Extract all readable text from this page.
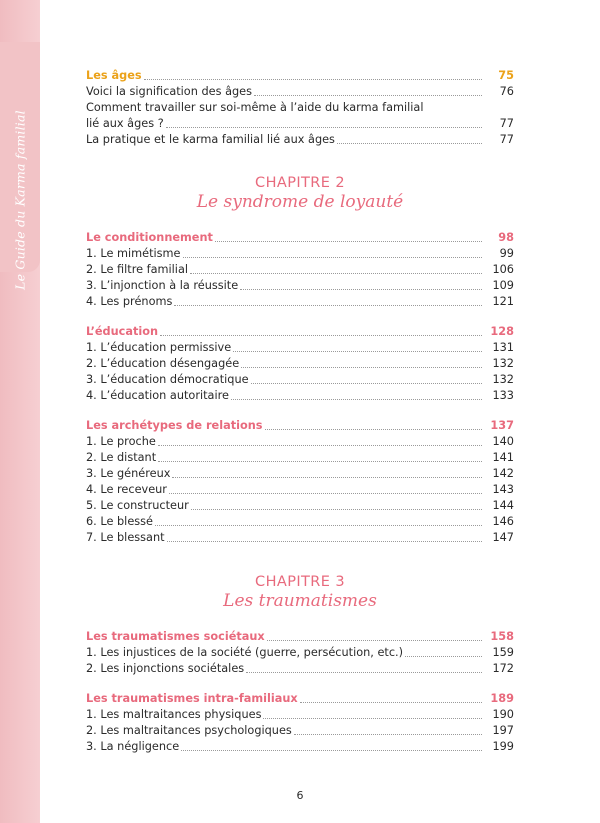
Le Guide du Karma familial
Les âges	75
Voici la signification des âges	76
Comment travailler sur soi-même à l’aide du karma familial
lié aux âges ?	77
La pratique et le karma familial lié aux âges	77
CHAPITRE 2
Le syndrome de loyauté
Le conditionnement	98
1. Le mimétisme	99
2. Le filtre familial	106
3. L’injonction à la réussite	109
4. Les prénoms	121
L’éducation	128
1. L’éducation permissive	131
2. L’éducation désengagée	132
3. L’éducation démocratique	132
4. L’éducation autoritaire	133
Les archétypes de relations	137
1. Le proche	140
2. Le distant	141
3. Le généreux	142
4. Le receveur	143
5. Le constructeur	144
6. Le blessé	146
7. Le blessant	147
CHAPITRE 3
Les traumatismes
Les traumatismes sociétaux	158
1. Les injustices de la société (guerre, persécution, etc.)	159
2. Les injonctions sociétales	172
Les traumatismes intra-familiaux	189
1. Les maltraitances physiques	190
2. Les maltraitances psychologiques	197
3. La négligence	199
6
